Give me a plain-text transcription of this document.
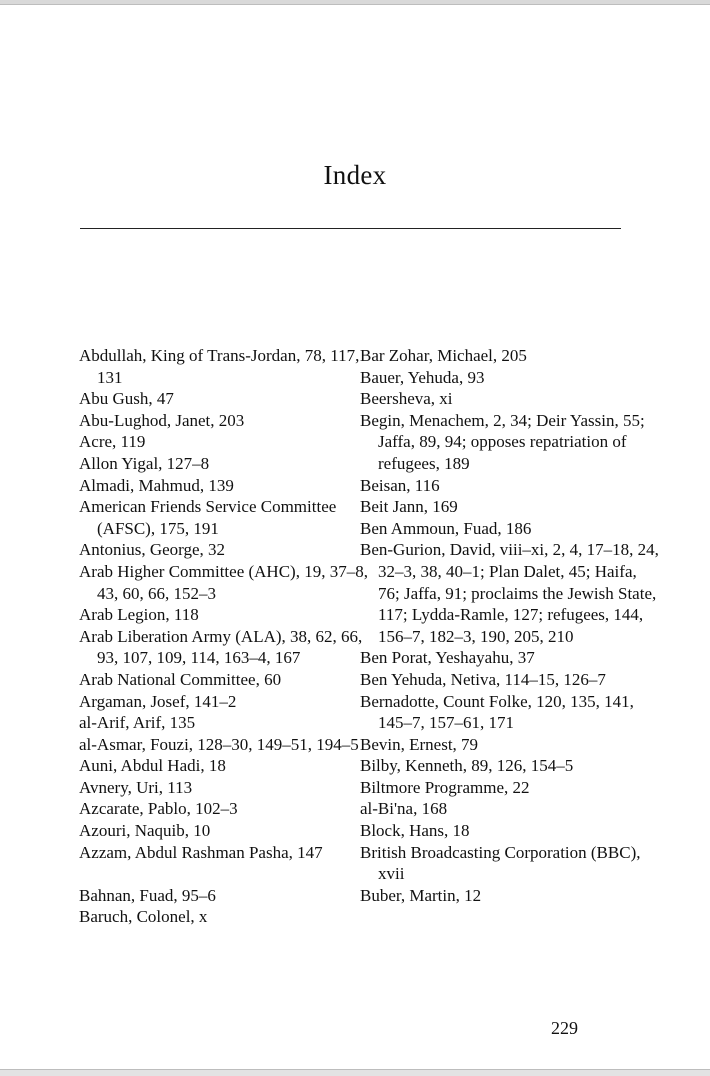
Index
Abdullah, King of Trans-Jordan, 78, 117, 131
Abu Gush, 47
Abu-Lughod, Janet, 203
Acre, 119
Allon Yigal, 127–8
Almadi, Mahmud, 139
American Friends Service Committee (AFSC), 175, 191
Antonius, George, 32
Arab Higher Committee (AHC), 19, 37–8, 43, 60, 66, 152–3
Arab Legion, 118
Arab Liberation Army (ALA), 38, 62, 66, 93, 107, 109, 114, 163–4, 167
Arab National Committee, 60
Argaman, Josef, 141–2
al-Arif, Arif, 135
al-Asmar, Fouzi, 128–30, 149–51, 194–5
Auni, Abdul Hadi, 18
Avnery, Uri, 113
Azcarate, Pablo, 102–3
Azouri, Naquib, 10
Azzam, Abdul Rashman Pasha, 147
Bahnan, Fuad, 95–6
Baruch, Colonel, x
Bar Zohar, Michael, 205
Bauer, Yehuda, 93
Beersheva, xi
Begin, Menachem, 2, 34; Deir Yassin, 55; Jaffa, 89, 94; opposes repatriation of refugees, 189
Beisan, 116
Beit Jann, 169
Ben Ammoun, Fuad, 186
Ben-Gurion, David, viii–xi, 2, 4, 17–18, 24, 32–3, 38, 40–1; Plan Dalet, 45; Haifa, 76; Jaffa, 91; proclaims the Jewish State, 117; Lydda-Ramle, 127; refugees, 144, 156–7, 182–3, 190, 205, 210
Ben Porat, Yeshayahu, 37
Ben Yehuda, Netiva, 114–15, 126–7
Bernadotte, Count Folke, 120, 135, 141, 145–7, 157–61, 171
Bevin, Ernest, 79
Bilby, Kenneth, 89, 126, 154–5
Biltmore Programme, 22
al-Bi'na, 168
Block, Hans, 18
British Broadcasting Corporation (BBC), xvii
Buber, Martin, 12
229
